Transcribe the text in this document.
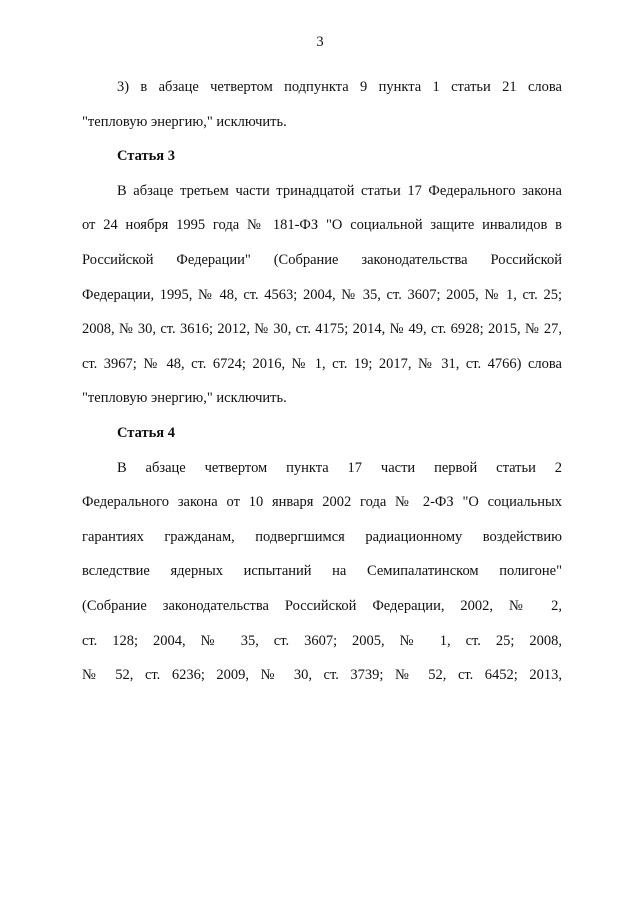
3
3) в абзаце четвертом подпункта 9 пункта 1 статьи 21 слова
"тепловую энергию," исключить.
Статья 3
В абзаце третьем части тринадцатой статьи 17 Федерального закона
от 24 ноября 1995 года № 181-ФЗ "О социальной защите инвалидов в
Российской Федерации" (Собрание законодательства Российской
Федерации, 1995, № 48, ст. 4563; 2004, № 35, ст. 3607; 2005, № 1, ст. 25;
2008, № 30, ст. 3616; 2012, № 30, ст. 4175; 2014, № 49, ст. 6928; 2015, № 27,
ст. 3967; № 48, ст. 6724; 2016, № 1, ст. 19; 2017, № 31, ст. 4766) слова
"тепловую энергию," исключить.
Статья 4
В абзаце четвертом пункта 17 части первой статьи 2
Федерального закона от 10 января 2002 года № 2-ФЗ "О социальных
гарантиях гражданам, подвергшимся радиационному воздействию
вследствие ядерных испытаний на Семипалатинском полигоне"
(Собрание законодательства Российской Федерации, 2002, № 2,
ст. 128; 2004, № 35, ст. 3607; 2005, № 1, ст. 25; 2008,
№ 52, ст. 6236; 2009, № 30, ст. 3739; № 52, ст. 6452; 2013,
